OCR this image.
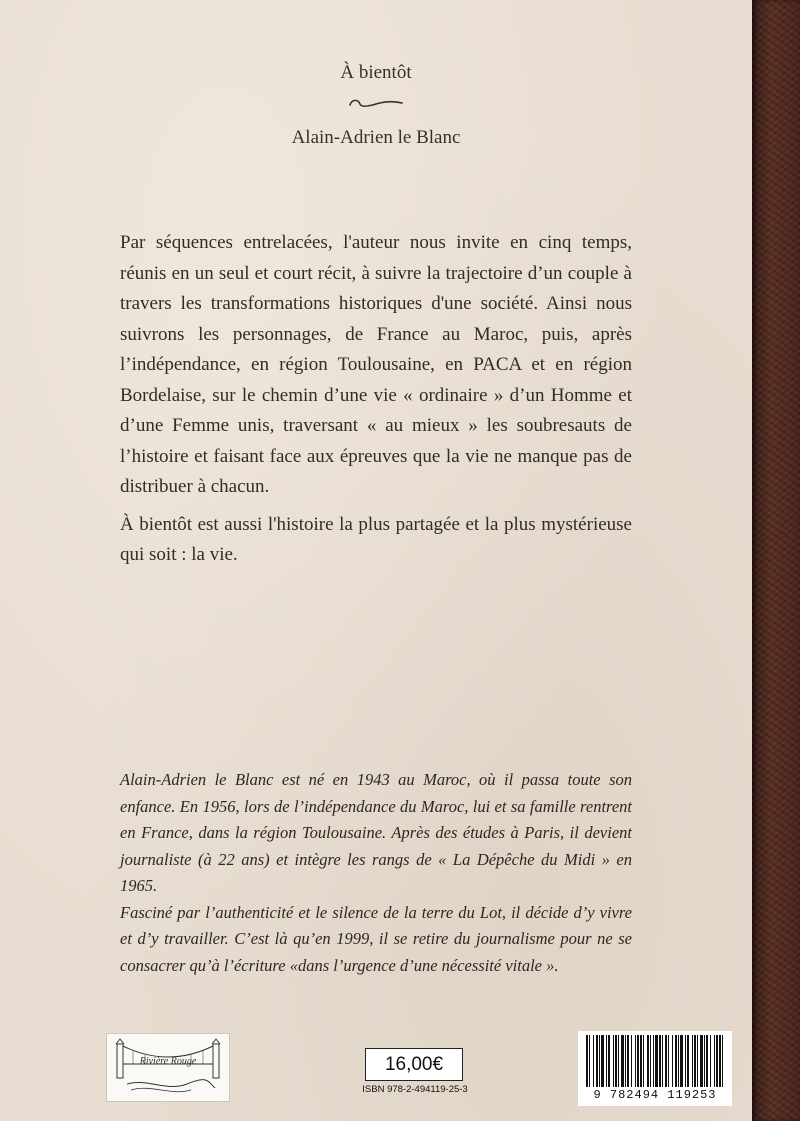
À bientôt
Alain-Adrien le Blanc

Par séquences entrelacées, l'auteur nous invite en cinq temps, réunis en un seul et court récit, à suivre la trajectoire d’un couple à travers les transformations historiques d'une société. Ainsi nous suivrons les personnages, de France au Maroc, puis, après l’indépendance, en région Toulousaine, en PACA et en région Bordelaise, sur le chemin d’une vie « ordinaire » d’un Homme et d’une Femme unis, traversant « au mieux » les soubresauts de l’histoire et faisant face aux épreuves que la vie ne manque pas de distribuer à chacun.

À bientôt est aussi l'histoire la plus partagée et la plus mystérieuse qui soit : la vie.

Alain-Adrien le Blanc est né en 1943 au Maroc, où il passa toute son enfance. En 1956, lors de l’indépendance du Maroc, lui et sa famille rentrent en France, dans la région Toulousaine. Après des études à Paris, il devient journaliste (à 22 ans) et intègre les rangs de « La Dépêche du Midi » en 1965.

Fasciné par l’authenticité et le silence de la terre du Lot, il décide d’y vivre et d’y travailler. C’est là qu’en 1999, il se retire du journalisme pour ne se consacrer qu’à l’écriture «dans l’urgence d’une nécessité vitale ».

Rivière Rouge	16,00€
ISBN 978-2-494119-25-3	9 782494 119253
